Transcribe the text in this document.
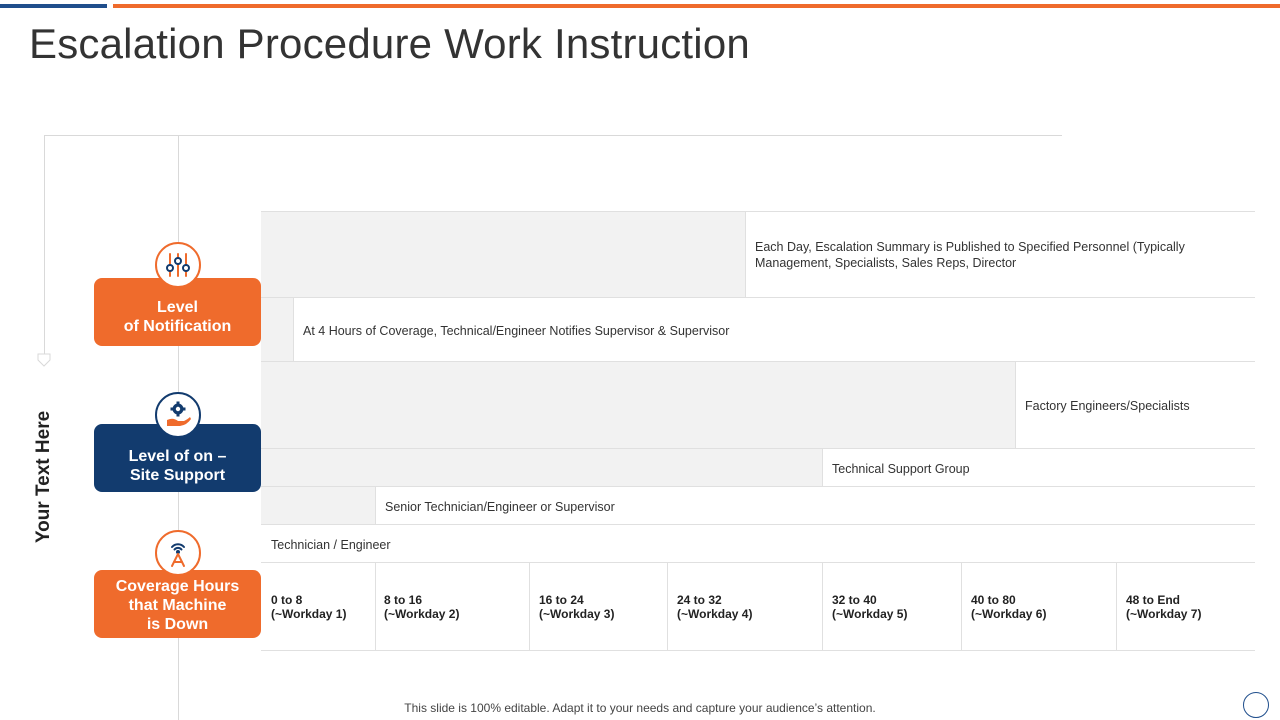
Escalation Procedure Work Instruction
Your Text Here
Each Day, Escalation Summary is Published to Specified Personnel (Typically Management, Specialists, Sales Reps, Director
At 4 Hours of Coverage, Technical/Engineer Notifies Supervisor & Supervisor
Factory Engineers/Specialists
Technical Support Group
Senior Technician/Engineer or Supervisor
Technician / Engineer
0 to 8
(~Workday 1)
8 to 16
(~Workday 2)
16 to 24
(~Workday 3)
24 to 32
(~Workday 4)
32 to 40
(~Workday 5)
40 to 80
(~Workday 6)
48 to End
(~Workday 7)
Level
of Notification
Level of on –
Site Support
Coverage Hours
that Machine
is Down
This slide is 100% editable. Adapt it to your needs and capture your audience’s attention.
